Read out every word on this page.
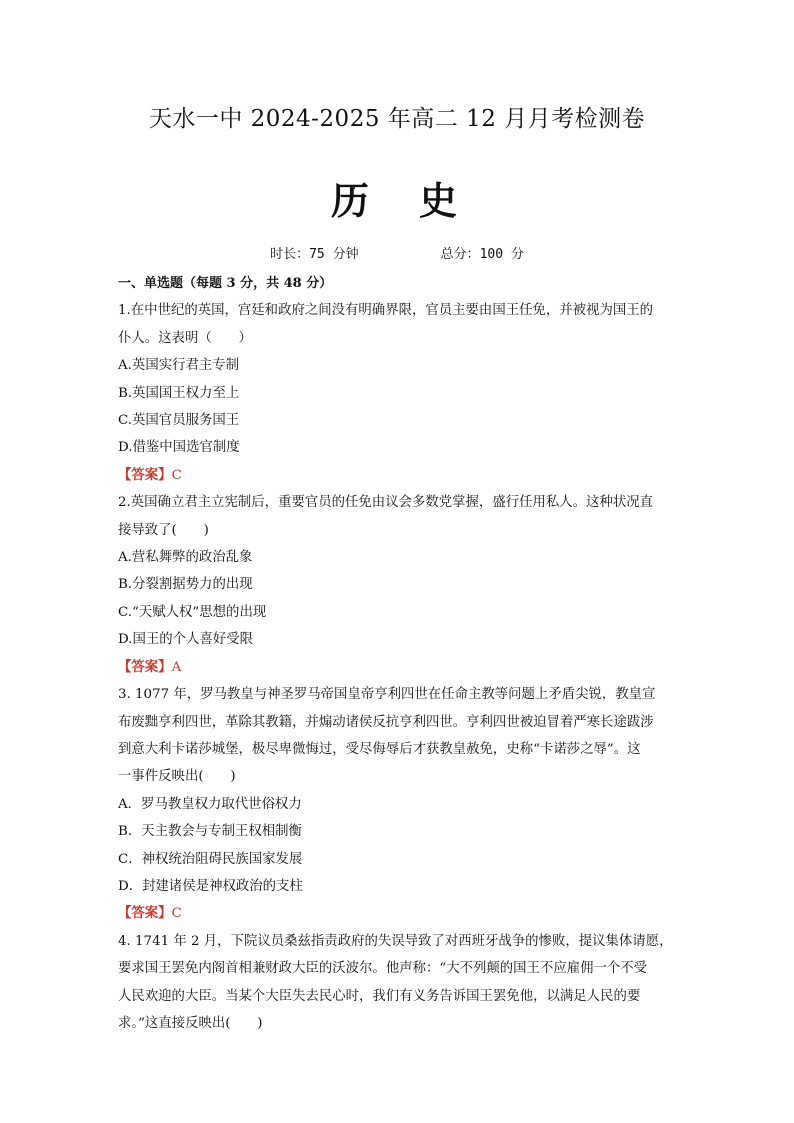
天水一中 2024-2025 年高二 12 月月考检测卷
历　史
时长：75 分钟	总分：100 分
一、单选题（每题 3 分，共 48 分）
1.在中世纪的英国，宫廷和政府之间没有明确界限，官员主要由国王任免，并被视为国王的
仆人。这表明（　　）
A.英国实行君主专制
B.英国国王权力至上
C.英国官员服务国王
D.借鉴中国选官制度
【答案】C
2.英国确立君主立宪制后，重要官员的任免由议会多数党掌握，盛行任用私人。这种状况直
接导致了(　　)
A.营私舞弊的政治乱象
B.分裂割据势力的出现
C.“天赋人权”思想的出现
D.国王的个人喜好受限
【答案】A
3. 1077 年，罗马教皇与神圣罗马帝国皇帝亨利四世在任命主教等问题上矛盾尖锐，教皇宣
布废黜亨利四世，革除其教籍，并煽动诸侯反抗亨利四世。亨利四世被迫冒着严寒长途跋涉
到意大利卡诺莎城堡，极尽卑微悔过，受尽侮辱后才获教皇赦免，史称“卡诺莎之辱”。这
一事件反映出(　　)
A．罗马教皇权力取代世俗权力
B．天主教会与专制王权相制衡
C．神权统治阻碍民族国家发展
D．封建诸侯是神权政治的支柱
【答案】C
4. 1741 年 2 月，下院议员桑兹指责政府的失误导致了对西班牙战争的惨败，提议集体请愿，
要求国王罢免内阁首相兼财政大臣的沃波尔。他声称：“大不列颠的国王不应雇佣一个不受
人民欢迎的大臣。当某个大臣失去民心时，我们有义务告诉国王罢免他，以满足人民的要
求。”这直接反映出(　　)
